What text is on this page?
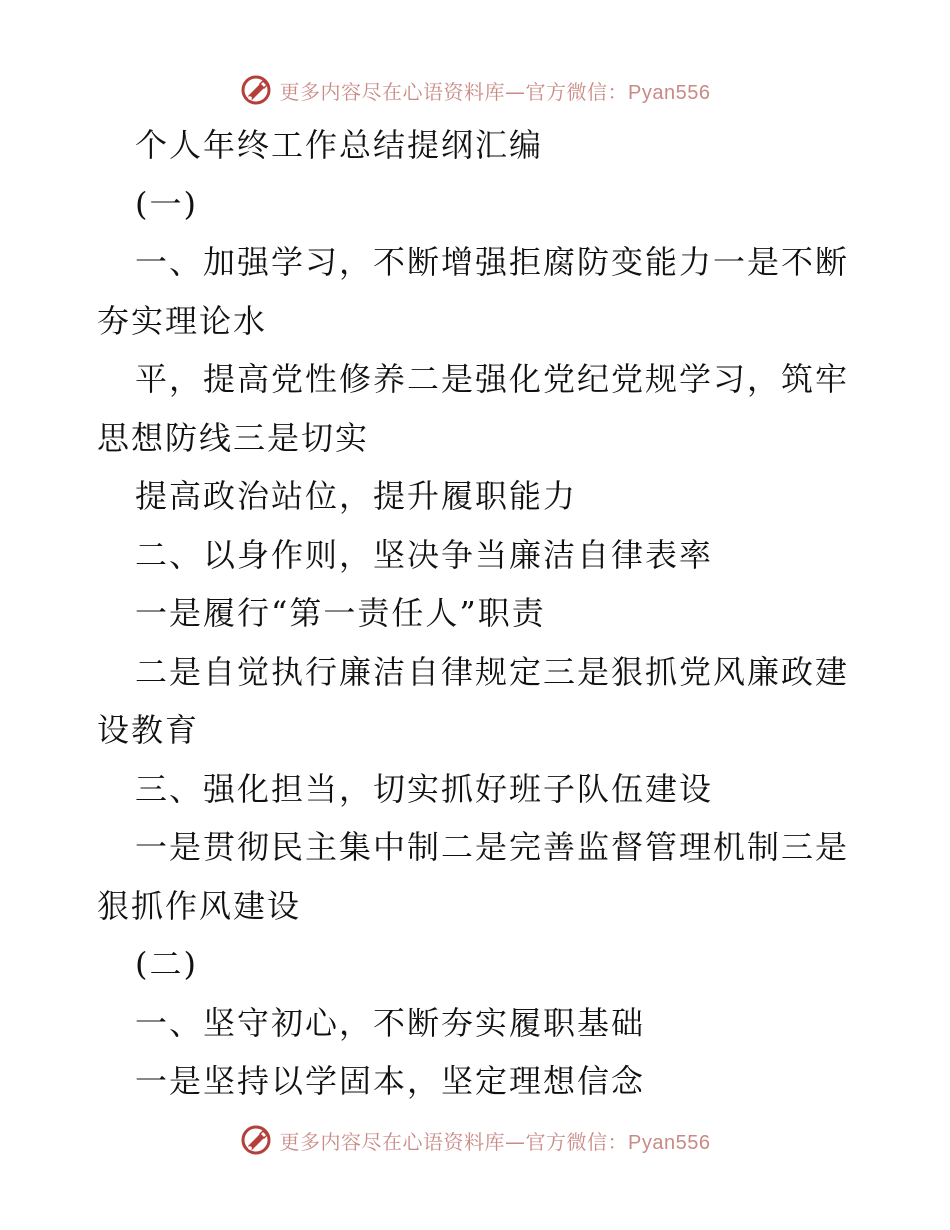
更多内容尽在心语资料库—官方微信：Pyan556
个人年终工作总结提纲汇编
(一)
一、加强学习，不断增强拒腐防变能力一是不断
夯实理论水
平，提高党性修养二是强化党纪党规学习，筑牢
思想防线三是切实
提高政治站位，提升履职能力
二、以身作则，坚决争当廉洁自律表率
一是履行“第一责任人”职责
二是自觉执行廉洁自律规定三是狠抓党风廉政建
设教育
三、强化担当，切实抓好班子队伍建设
一是贯彻民主集中制二是完善监督管理机制三是
狠抓作风建设
(二)
一、坚守初心，不断夯实履职基础
一是坚持以学固本，坚定理想信念
更多内容尽在心语资料库—官方微信：Pyan556
